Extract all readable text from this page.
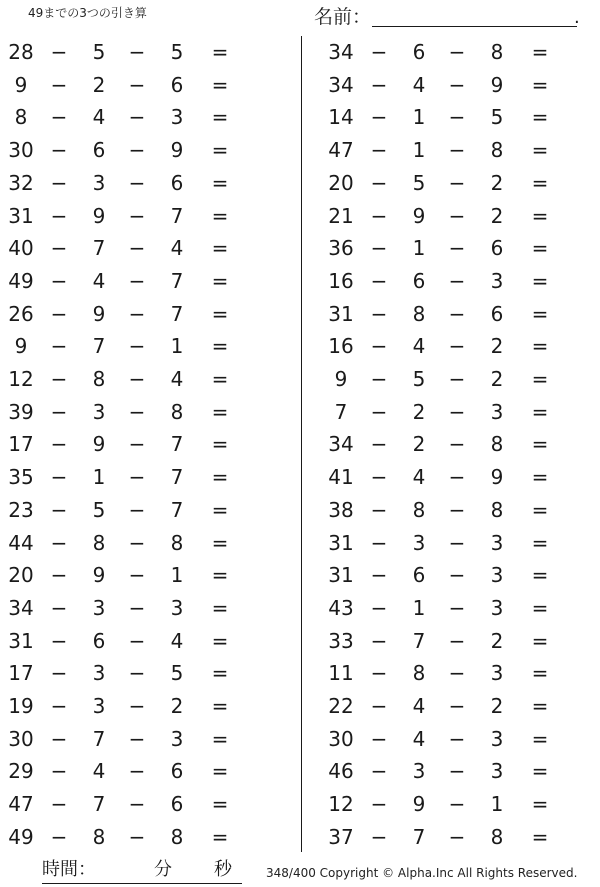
49までの3つの引き算	名前：	.
28 −	5	−	5	=
9	−	2	−	6	=
8	−	4	−	3	=
30 −	6	−	9	=
32 −	3	−	6	=
31 −	9	−	7	=
40 −	7	−	4	=
49 −	4	−	7	=
26 −	9	−	7	=
9	−	7	−	1	=
12 −	8	−	4	=
39 −	3	−	8	=
17 −	9	−	7	=
35 −	1	−	7	=
23 −	5	−	7	=
44 −	8	−	8	=
20 −	9	−	1	=
34 −	3	−	3	=
31 −	6	−	4	=
17 −	3	−	5	=
19 −	3	−	2	=
30 −	7	−	3	=
29 −	4	−	6	=
47 −	7	−	6	=
49 −	8	−	8	=
34 −	6	−	8	=
34 −	4	−	9	=
14 −	1	−	5	=
47 −	1	−	8	=
20 −	5	−	2	=
21 −	9	−	2	=
36 −	1	−	6	=
16 −	6	−	3	=
31 −	8	−	6	=
16 −	4	−	2	=
9	−	5	−	2	=
7	−	2	−	3	=
34 −	2	−	8	=
41 −	4	−	9	=
38 −	8	−	8	=
31 −	3	−	3	=
31 −	6	−	3	=
43 −	1	−	3	=
33 −	7	−	2	=
11 −	8	−	3	=
22 −	4	−	2	=
30 −	4	−	3	=
46 −	3	−	3	=
12 −	9	−	1	=
37 −	7	−	8	=
時間：	分 秒	348/400 Copyright © Alpha.Inc All Rights Reserved.
